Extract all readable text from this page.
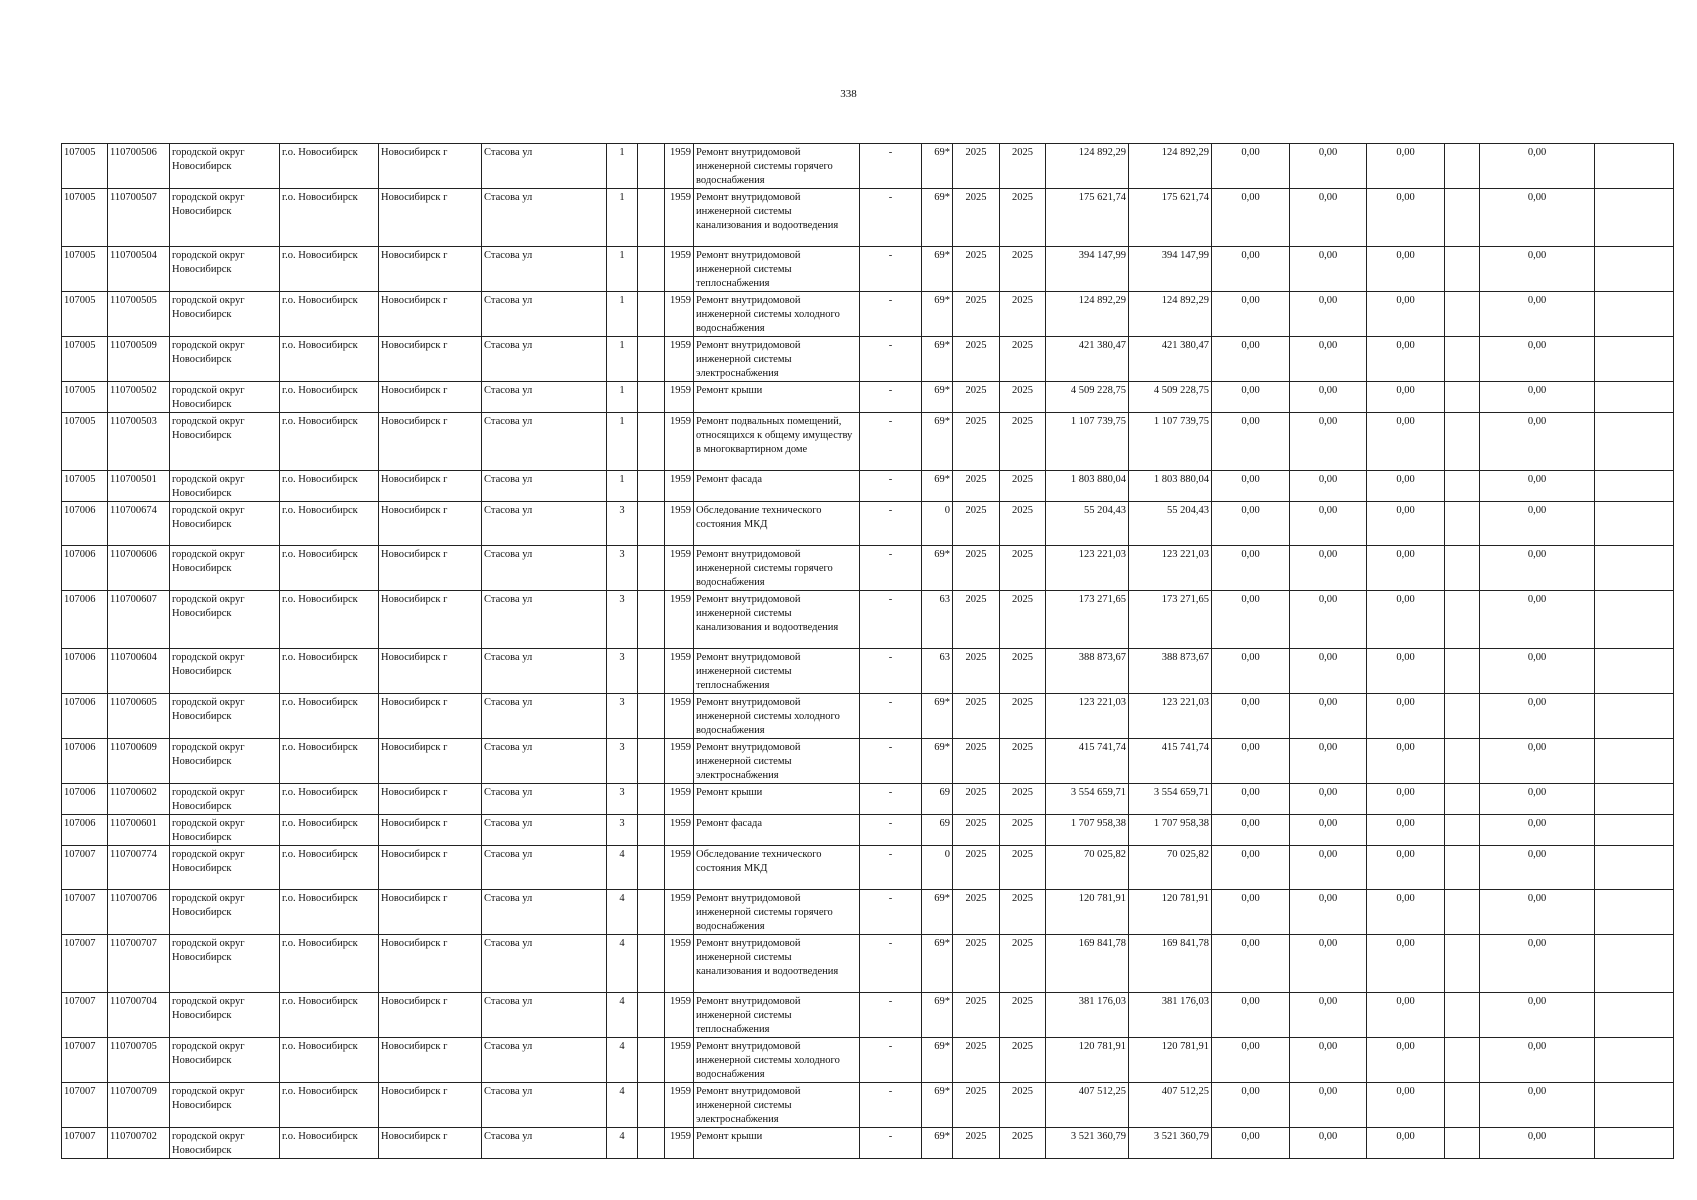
338
107005	110700506	городской округ Новосибирск	г.о. Новосибирск	Новосибирск г	Стасова ул	1		1959	Ремонт внутридомовой инженерной системы горячего водоснабжения	-	69*	2025	2025	124 892,29	124 892,29	0,00	0,00	0,00		0,00	
107005	110700507	городской округ Новосибирск	г.о. Новосибирск	Новосибирск г	Стасова ул	1		1959	Ремонт внутридомовой инженерной системы канализования и водоотведения	-	69*	2025	2025	175 621,74	175 621,74	0,00	0,00	0,00		0,00	
107005	110700504	городской округ Новосибирск	г.о. Новосибирск	Новосибирск г	Стасова ул	1		1959	Ремонт внутридомовой инженерной системы теплоснабжения	-	69*	2025	2025	394 147,99	394 147,99	0,00	0,00	0,00		0,00	
107005	110700505	городской округ Новосибирск	г.о. Новосибирск	Новосибирск г	Стасова ул	1		1959	Ремонт внутридомовой инженерной системы холодного водоснабжения	-	69*	2025	2025	124 892,29	124 892,29	0,00	0,00	0,00		0,00	
107005	110700509	городской округ Новосибирск	г.о. Новосибирск	Новосибирск г	Стасова ул	1		1959	Ремонт внутридомовой инженерной системы электроснабжения	-	69*	2025	2025	421 380,47	421 380,47	0,00	0,00	0,00		0,00	
107005	110700502	городской округ Новосибирск	г.о. Новосибирск	Новосибирск г	Стасова ул	1		1959	Ремонт крыши	-	69*	2025	2025	4 509 228,75	4 509 228,75	0,00	0,00	0,00		0,00	
107005	110700503	городской округ Новосибирск	г.о. Новосибирск	Новосибирск г	Стасова ул	1		1959	Ремонт подвальных помещений, относящихся к общему имуществу в многоквартирном доме	-	69*	2025	2025	1 107 739,75	1 107 739,75	0,00	0,00	0,00		0,00	
107005	110700501	городской округ Новосибирск	г.о. Новосибирск	Новосибирск г	Стасова ул	1		1959	Ремонт фасада	-	69*	2025	2025	1 803 880,04	1 803 880,04	0,00	0,00	0,00		0,00	
107006	110700674	городской округ Новосибирск	г.о. Новосибирск	Новосибирск г	Стасова ул	3		1959	Обследование технического состояния МКД	-	0	2025	2025	55 204,43	55 204,43	0,00	0,00	0,00		0,00	
107006	110700606	городской округ Новосибирск	г.о. Новосибирск	Новосибирск г	Стасова ул	3		1959	Ремонт внутридомовой инженерной системы горячего водоснабжения	-	69*	2025	2025	123 221,03	123 221,03	0,00	0,00	0,00		0,00	
107006	110700607	городской округ Новосибирск	г.о. Новосибирск	Новосибирск г	Стасова ул	3		1959	Ремонт внутридомовой инженерной системы канализования и водоотведения	-	63	2025	2025	173 271,65	173 271,65	0,00	0,00	0,00		0,00	
107006	110700604	городской округ Новосибирск	г.о. Новосибирск	Новосибирск г	Стасова ул	3		1959	Ремонт внутридомовой инженерной системы теплоснабжения	-	63	2025	2025	388 873,67	388 873,67	0,00	0,00	0,00		0,00	
107006	110700605	городской округ Новосибирск	г.о. Новосибирск	Новосибирск г	Стасова ул	3		1959	Ремонт внутридомовой инженерной системы холодного водоснабжения	-	69*	2025	2025	123 221,03	123 221,03	0,00	0,00	0,00		0,00	
107006	110700609	городской округ Новосибирск	г.о. Новосибирск	Новосибирск г	Стасова ул	3		1959	Ремонт внутридомовой инженерной системы электроснабжения	-	69*	2025	2025	415 741,74	415 741,74	0,00	0,00	0,00		0,00	
107006	110700602	городской округ Новосибирск	г.о. Новосибирск	Новосибирск г	Стасова ул	3		1959	Ремонт крыши	-	69	2025	2025	3 554 659,71	3 554 659,71	0,00	0,00	0,00		0,00	
107006	110700601	городской округ Новосибирск	г.о. Новосибирск	Новосибирск г	Стасова ул	3		1959	Ремонт фасада	-	69	2025	2025	1 707 958,38	1 707 958,38	0,00	0,00	0,00		0,00	
107007	110700774	городской округ Новосибирск	г.о. Новосибирск	Новосибирск г	Стасова ул	4		1959	Обследование технического состояния МКД	-	0	2025	2025	70 025,82	70 025,82	0,00	0,00	0,00		0,00	
107007	110700706	городской округ Новосибирск	г.о. Новосибирск	Новосибирск г	Стасова ул	4		1959	Ремонт внутридомовой инженерной системы горячего водоснабжения	-	69*	2025	2025	120 781,91	120 781,91	0,00	0,00	0,00		0,00	
107007	110700707	городской округ Новосибирск	г.о. Новосибирск	Новосибирск г	Стасова ул	4		1959	Ремонт внутридомовой инженерной системы канализования и водоотведения	-	69*	2025	2025	169 841,78	169 841,78	0,00	0,00	0,00		0,00	
107007	110700704	городской округ Новосибирск	г.о. Новосибирск	Новосибирск г	Стасова ул	4		1959	Ремонт внутридомовой инженерной системы теплоснабжения	-	69*	2025	2025	381 176,03	381 176,03	0,00	0,00	0,00		0,00	
107007	110700705	городской округ Новосибирск	г.о. Новосибирск	Новосибирск г	Стасова ул	4		1959	Ремонт внутридомовой инженерной системы холодного водоснабжения	-	69*	2025	2025	120 781,91	120 781,91	0,00	0,00	0,00		0,00	
107007	110700709	городской округ Новосибирск	г.о. Новосибирск	Новосибирск г	Стасова ул	4		1959	Ремонт внутридомовой инженерной системы электроснабжения	-	69*	2025	2025	407 512,25	407 512,25	0,00	0,00	0,00		0,00	
107007	110700702	городской округ Новосибирск	г.о. Новосибирск	Новосибирск г	Стасова ул	4		1959	Ремонт крыши	-	69*	2025	2025	3 521 360,79	3 521 360,79	0,00	0,00	0,00		0,00	
